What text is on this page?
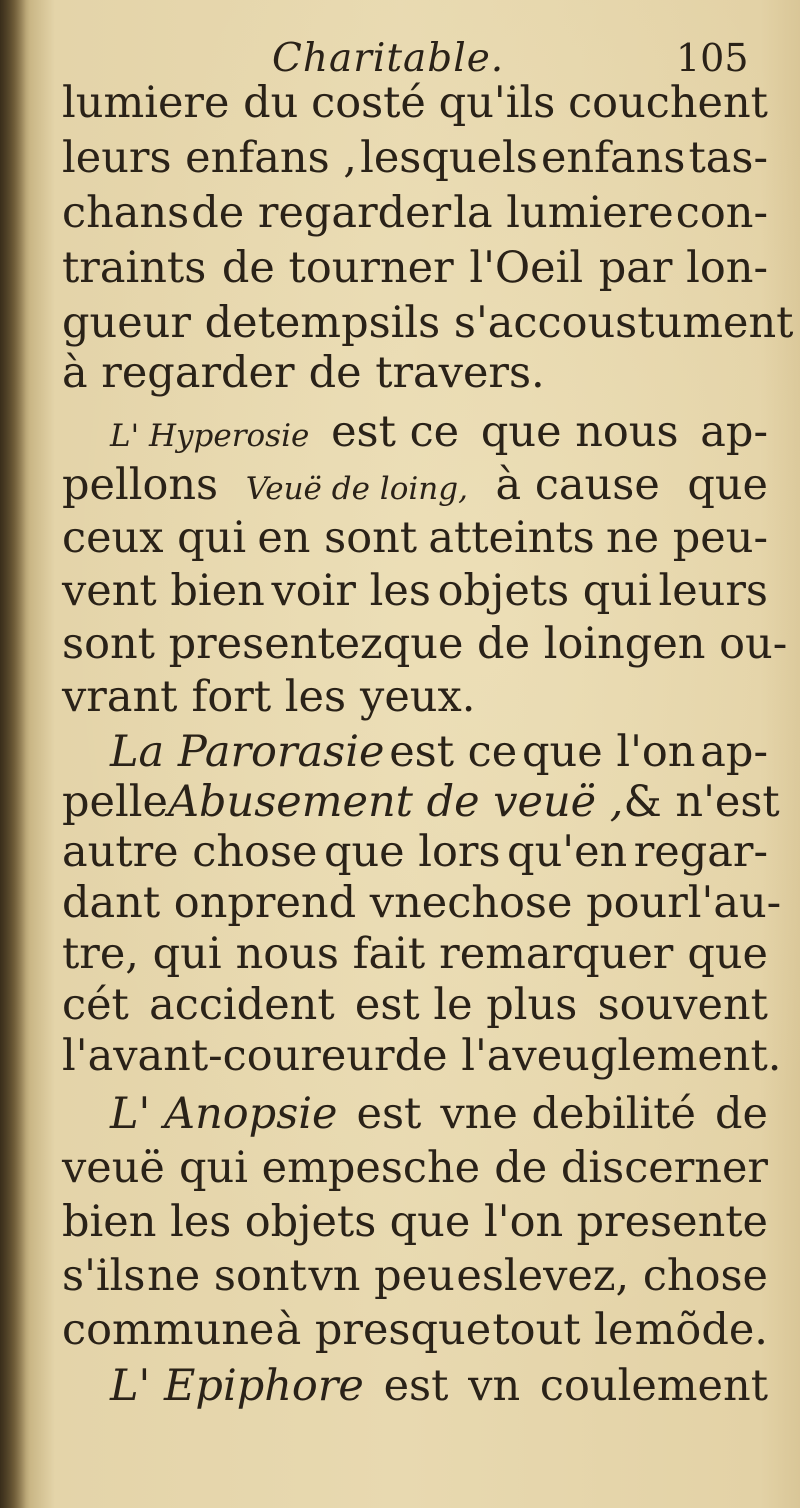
Charitable.	105
lumiere du costé qu'ils couchent
leurs enfans , lesquels enfans tas-
chans de regarder la lumiere con-
traints de tourner l'Oeil par lon-
gueur de temps ils s'accoustument
à regarder de travers.
L' Hyperosie est ce que nous ap-
pellons Veuë de loing, à cause que
ceux qui en sont atteints ne peu-
vent bien voir les objets qui leurs
sont presentez que de loing en ou-
vrant fort les yeux.
La Parorasie est ce que l'on ap-
pelle Abusement de veuë , & n'est
autre chose que lors qu'en regar-
dant on prend vne chose pour l'au-
tre, qui nous fait remarquer que
cét accident est le plus souvent
l'avant-coureur de l'aveuglement.
L' Anopsie est vne debilité de
veuë qui empesche de discerner
bien les objets que l'on presente
s'ils ne sont vn peu eslevez, chose
commune à presque tout le mõde.
L' Epiphore est vn coulement
